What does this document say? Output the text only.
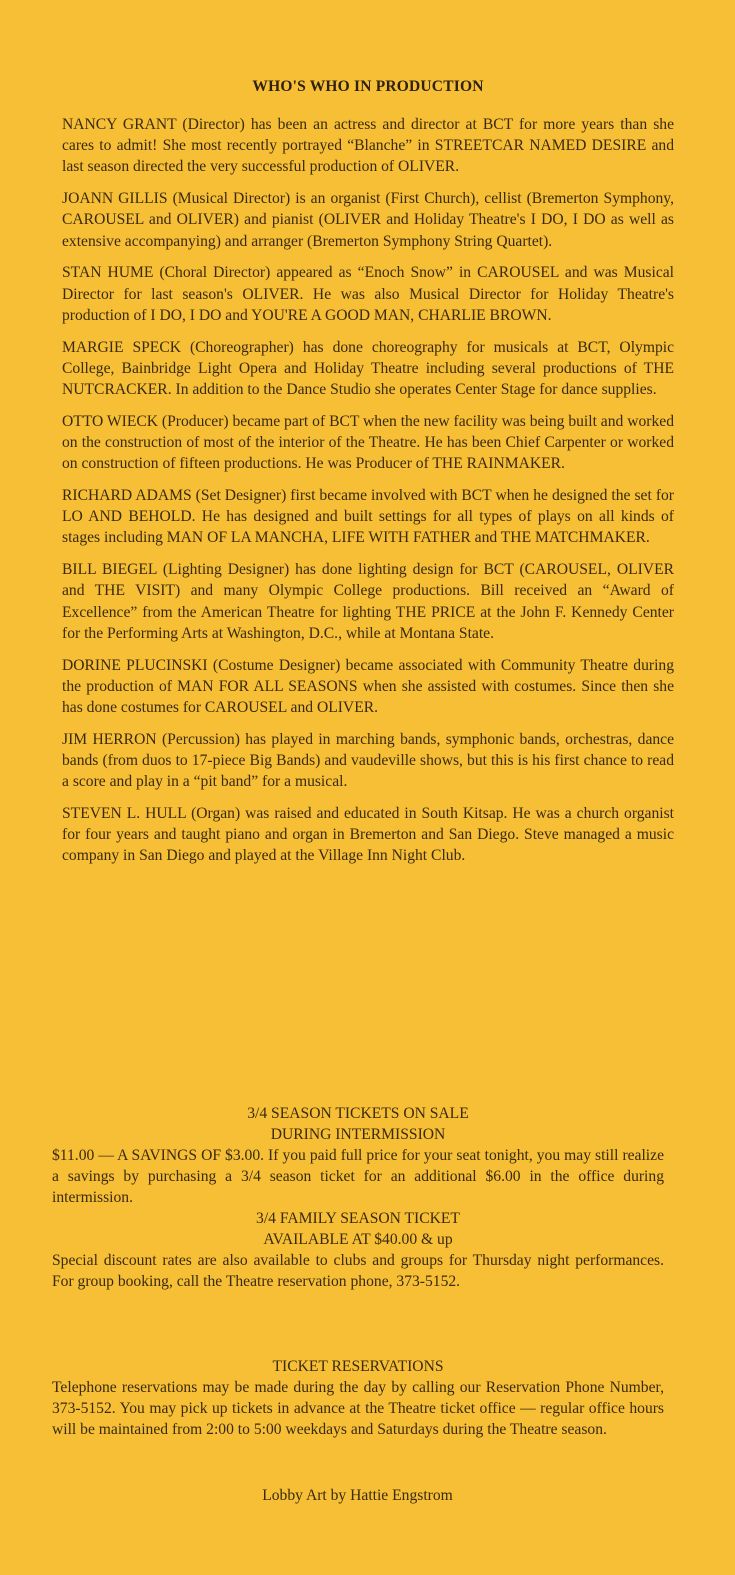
WHO'S WHO IN PRODUCTION

NANCY GRANT (Director) has been an actress and director at BCT for more years than she cares to admit! She most recently portrayed “Blanche” in STREETCAR NAMED DESIRE and last season directed the very successful production of OLIVER.

JOANN GILLIS (Musical Director) is an organist (First Church), cellist (Bremerton Symphony, CAROUSEL and OLIVER) and pianist (OLIVER and Holiday Theatre's I DO, I DO as well as extensive accompanying) and arranger (Bremerton Symphony String Quartet).

STAN HUME (Choral Director) appeared as “Enoch Snow” in CAROUSEL and was Musical Director for last season's OLIVER. He was also Musical Director for Holiday Theatre's production of I DO, I DO and YOU'RE A GOOD MAN, CHARLIE BROWN.

MARGIE SPECK (Choreographer) has done choreography for musicals at BCT, Olympic College, Bainbridge Light Opera and Holiday Theatre including several productions of THE NUTCRACKER. In addition to the Dance Studio she operates Center Stage for dance supplies.

OTTO WIECK (Producer) became part of BCT when the new facility was being built and worked on the construction of most of the interior of the Theatre. He has been Chief Carpenter or worked on construction of fifteen productions. He was Producer of THE RAINMAKER.

RICHARD ADAMS (Set Designer) first became involved with BCT when he designed the set for LO AND BEHOLD. He has designed and built settings for all types of plays on all kinds of stages including MAN OF LA MANCHA, LIFE WITH FATHER and THE MATCHMAKER.

BILL BIEGEL (Lighting Designer) has done lighting design for BCT (CAROUSEL, OLIVER and THE VISIT) and many Olympic College productions. Bill received an “Award of Excellence” from the American Theatre for lighting THE PRICE at the John F. Kennedy Center for the Performing Arts at Washington, D.C., while at Montana State.

DORINE PLUCINSKI (Costume Designer) became associated with Community Theatre during the production of MAN FOR ALL SEASONS when she assisted with costumes. Since then she has done costumes for CAROUSEL and OLIVER.

JIM HERRON (Percussion) has played in marching bands, symphonic bands, orchestras, dance bands (from duos to 17-piece Big Bands) and vaudeville shows, but this is his first chance to read a score and play in a “pit band” for a musical.

STEVEN L. HULL (Organ) was raised and educated in South Kitsap. He was a church organist for four years and taught piano and organ in Bremerton and San Diego. Steve managed a music company in San Diego and played at the Village Inn Night Club.

3/4 SEASON TICKETS ON SALE
DURING INTERMISSION
$11.00 — A SAVINGS OF $3.00. If you paid full price for your seat tonight, you may still realize a savings by purchasing a 3/4 season ticket for an additional $6.00 in the office during intermission.
3/4 FAMILY SEASON TICKET
AVAILABLE AT $40.00 & up
Special discount rates are also available to clubs and groups for Thursday night performances. For group booking, call the Theatre reservation phone, 373-5152.
TICKET RESERVATIONS
Telephone reservations may be made during the day by calling our Reservation Phone Number, 373-5152. You may pick up tickets in advance at the Theatre ticket office — regular office hours will be maintained from 2:00 to 5:00 weekdays and Saturdays during the Theatre season.
Lobby Art by Hattie Engstrom
